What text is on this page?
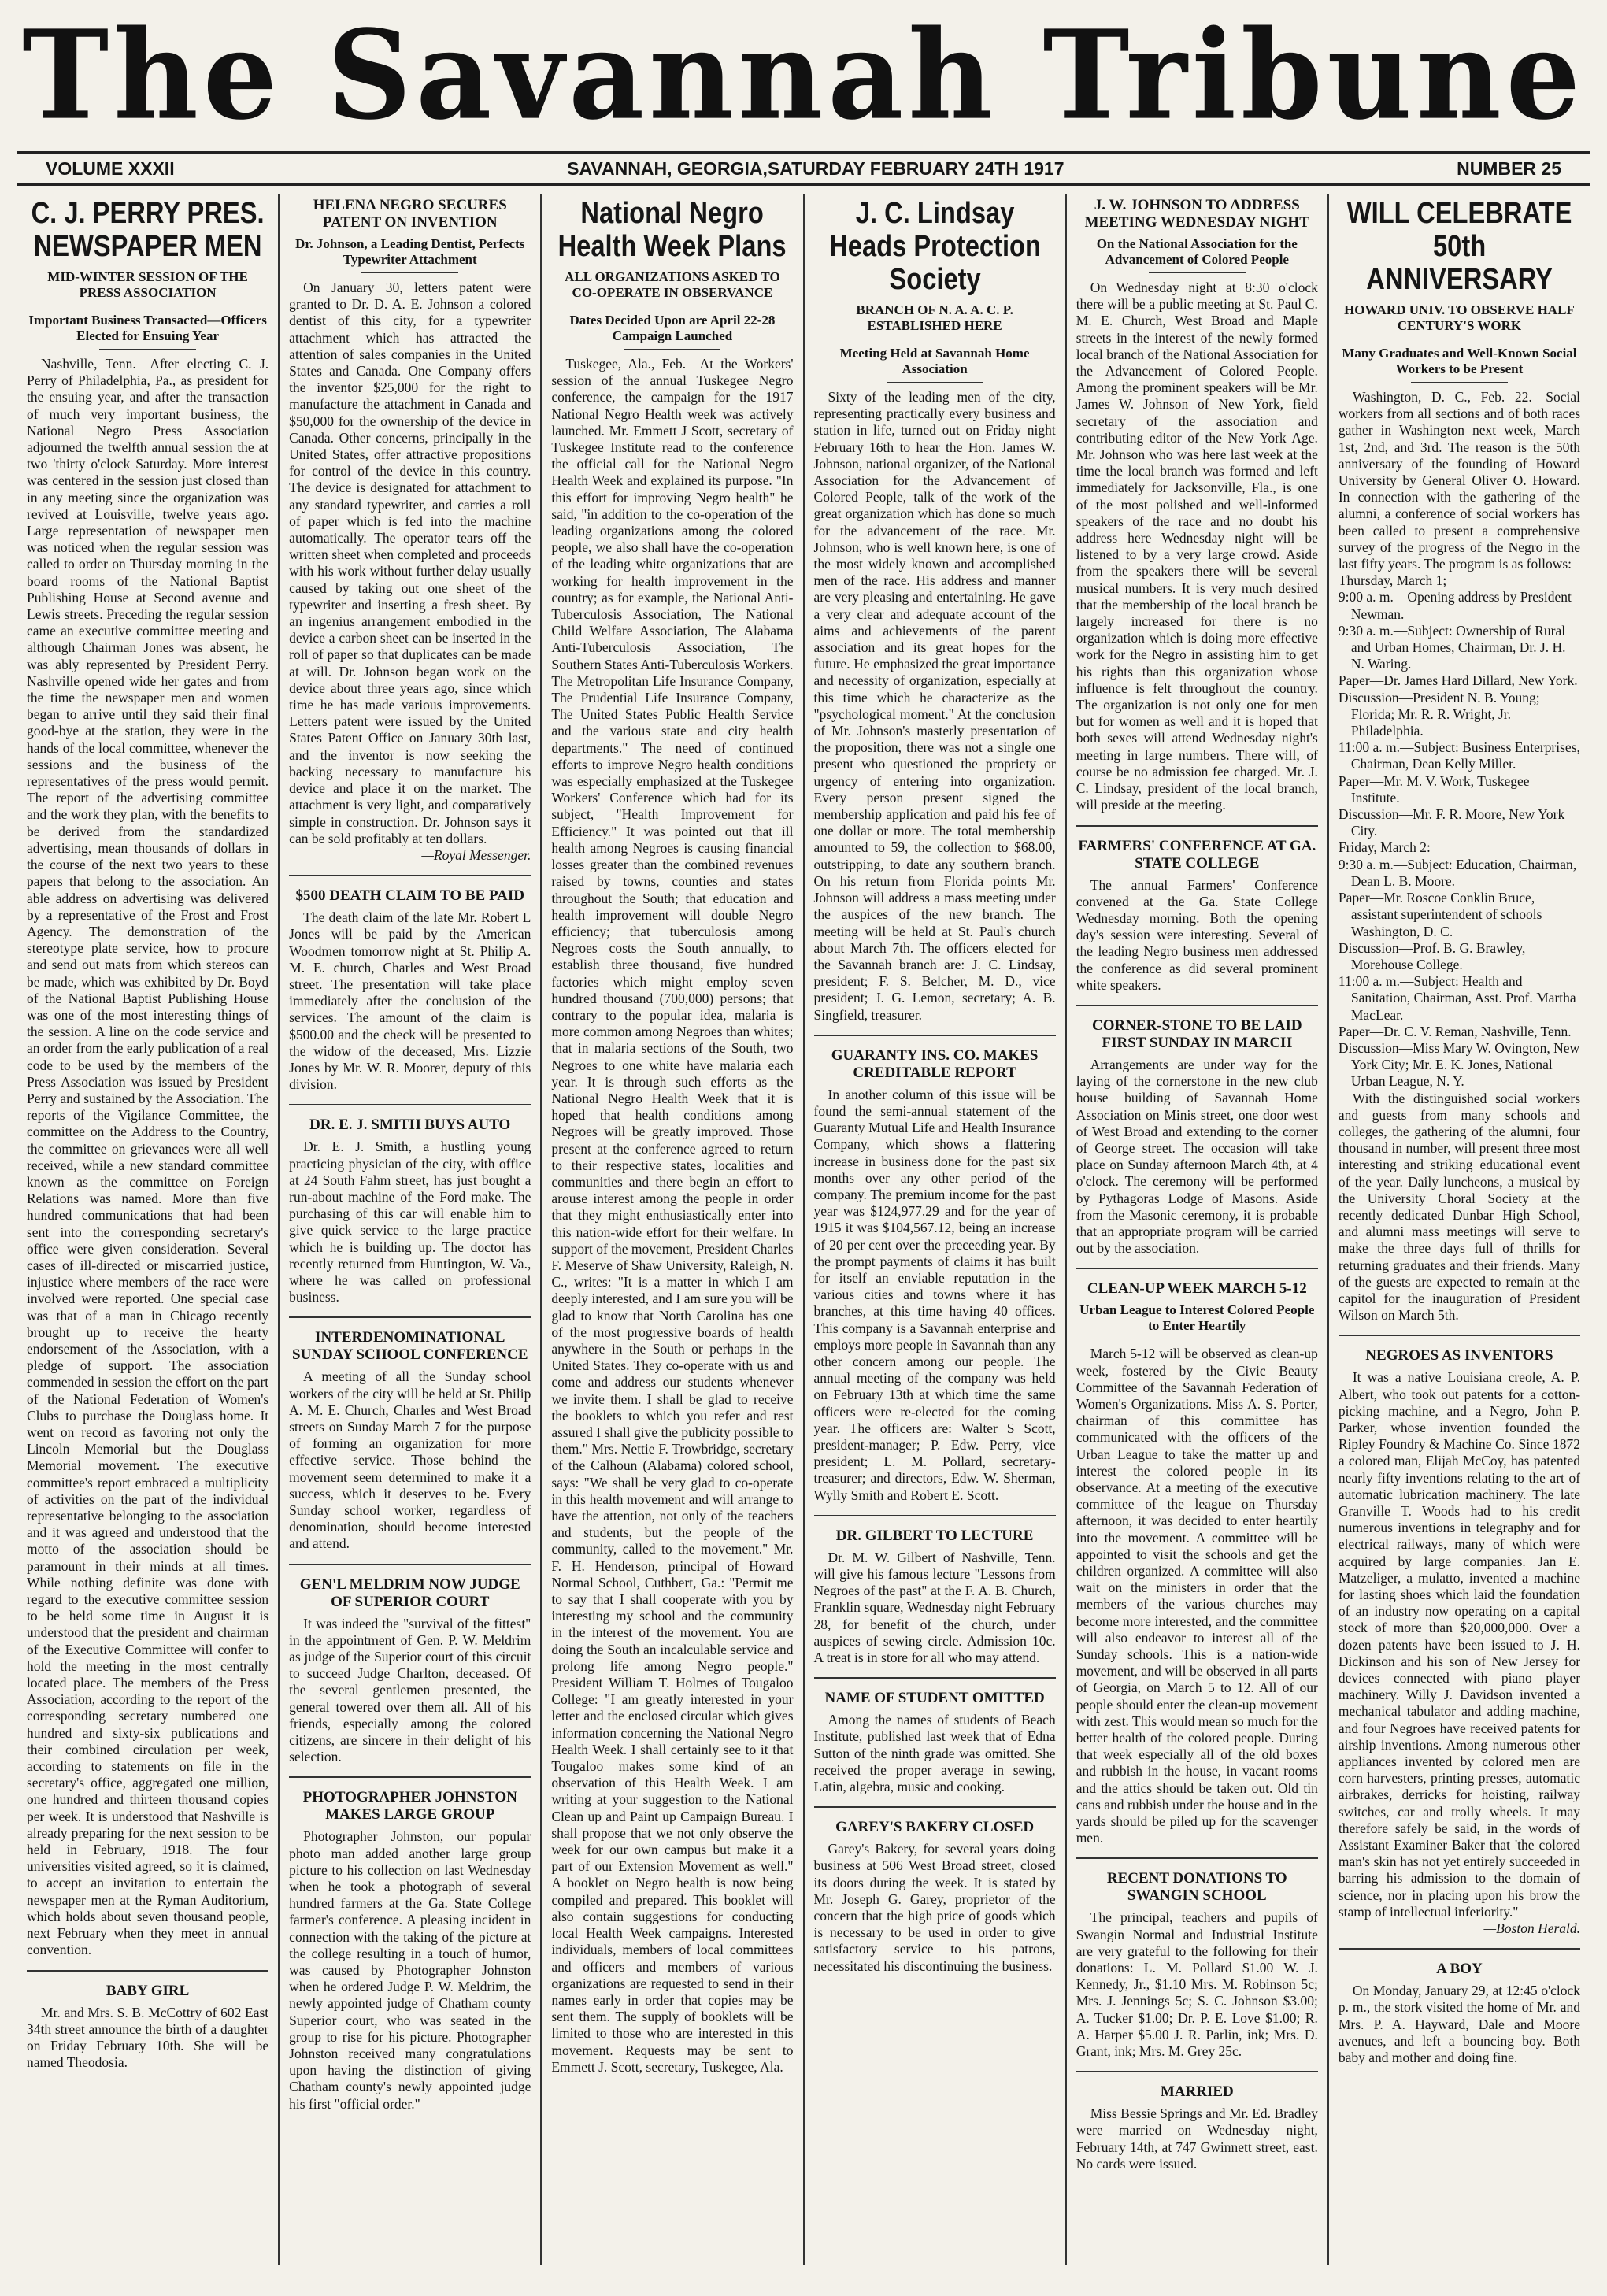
The Savannah Tribune
VOLUME XXXII	SAVANNAH, GEORGIA,SATURDAY FEBRUARY 24TH 1917	NUMBER 25
C. J. PERRY PRES. NEWSPAPER MEN
MID-WINTER SESSION OF THE PRESS ASSOCIATION
Important Business Transacted—Officers Elected for Ensuing Year

Nashville, Tenn.—After electing C. J. Perry of Philadelphia, Pa., as president for the ensuing year, and after the transaction of much very important business, the National Negro Press Association adjourned the twelfth annual session the at two 'thirty o'clock Saturday. More interest was centered in the session just closed than in any meeting since the organization was revived at Louisville, twelve years ago. Large representation of newspaper men was noticed when the regular session was called to order on Thursday morning in the board rooms of the National Baptist Publishing House at Second avenue and Lewis streets. Preceding the regular session came an executive committee meeting and although Chairman Jones was absent, he was ably represented by President Perry. Nashville opened wide her gates and from the time the newspaper men and women began to arrive until they said their final good-bye at the station, they were in the hands of the local committee, whenever the sessions and the business of the representatives of the press would permit. The report of the advertising committee and the work they plan, with the benefits to be derived from the standardized advertising, mean thousands of dollars in the course of the next two years to these papers that belong to the association. An able address on advertising was delivered by a representative of the Frost and Frost Agency. The demonstration of the stereotype plate service, how to procure and send out mats from which stereos can be made, which was exhibited by Dr. Boyd of the National Baptist Publishing House was one of the most interesting things of the session. A line on the code service and an order from the early publication of a real code to be used by the members of the Press Association was issued by President Perry and sustained by the Association. The reports of the Vigilance Committee, the committee on the Address to the Country, the committee on grievances were all well received, while a new standard committee known as the committee on Foreign Relations was named. More than five hundred communications that had been sent into the corresponding secretary's office were given consideration. Several cases of ill-directed or miscarried justice, injustice where members of the race were involved were reported. One special case was that of a man in Chicago recently brought up to receive the hearty endorsement of the Association, with a pledge of support. The association commended in session the effort on the part of the National Federation of Women's Clubs to purchase the Douglass home. It went on record as favoring not only the Lincoln Memorial but the Douglass Memorial movement. The executive committee's report embraced a multiplicity of activities on the part of the individual representative belonging to the association and it was agreed and understood that the motto of the association should be paramount in their minds at all times. While nothing definite was done with regard to the executive committee session to be held some time in August it is understood that the president and chairman of the Executive Committee will confer to hold the meeting in the most centrally located place. The members of the Press Association, according to the report of the corresponding secretary numbered one hundred and sixty-six publications and their combined circulation per week, according to statements on file in the secretary's office, aggregated one million, one hundred and thirteen thousand copies per week. It is understood that Nashville is already preparing for the next session to be held in February, 1918. The four universities visited agreed, so it is claimed, to accept an invitation to entertain the newspaper men at the Ryman Auditorium, which holds about seven thousand people, next February when they meet in annual convention.

BABY GIRL

Mr. and Mrs. S. B. McCottry of 602 East 34th street announce the birth of a daughter on Friday February 10th. She will be named Theodosia.

HELENA NEGRO SECURES PATENT ON INVENTION
Dr. Johnson, a Leading Dentist, Perfects Typewriter Attachment

On January 30, letters patent were granted to Dr. D. A. E. Johnson a colored dentist of this city, for a typewriter attachment which has attracted the attention of sales companies in the United States and Canada. One Company offers the inventor $25,000 for the right to manufacture the attachment in Canada and $50,000 for the ownership of the device in Canada. Other concerns, principally in the United States, offer attractive propositions for control of the device in this country. The device is designated for attachment to any standard typewriter, and carries a roll of paper which is fed into the machine automatically. The operator tears off the written sheet when completed and proceeds with his work without further delay usually caused by taking out one sheet of the typewriter and inserting a fresh sheet. By an ingenius arrangement embodied in the device a carbon sheet can be inserted in the roll of paper so that duplicates can be made at will. Dr. Johnson began work on the device about three years ago, since which time he has made various improvements. Letters patent were issued by the United States Patent Office on January 30th last, and the inventor is now seeking the backing necessary to manufacture his device and place it on the market. The attachment is very light, and comparatively simple in construction. Dr. Johnson says it can be sold profitably at ten dollars.

—Royal Messenger.

$500 DEATH CLAIM TO BE PAID

The death claim of the late Mr. Robert L Jones will be paid by the American Woodmen tomorrow night at St. Philip A. M. E. church, Charles and West Broad street. The presentation will take place immediately after the conclusion of the services. The amount of the claim is $500.00 and the check will be presented to the widow of the deceased, Mrs. Lizzie Jones by Mr. W. R. Moorer, deputy of this division.

DR. E. J. SMITH BUYS AUTO

Dr. E. J. Smith, a hustling young practicing physician of the city, with office at 24 South Fahm street, has just bought a run-about machine of the Ford make. The purchasing of this car will enable him to give quick service to the large practice which he is building up. The doctor has recently returned from Huntington, W. Va., where he was called on professional business.

INTERDENOMINATIONAL SUNDAY SCHOOL CONFERENCE

A meeting of all the Sunday school workers of the city will be held at St. Philip A. M. E. Church, Charles and West Broad streets on Sunday March 7 for the purpose of forming an organization for more effective service. Those behind the movement seem determined to make it a success, which it deserves to be. Every Sunday school worker, regardless of denomination, should become interested and attend.

GEN'L MELDRIM NOW JUDGE OF SUPERIOR COURT

It was indeed the "survival of the fittest" in the appointment of Gen. P. W. Meldrim as judge of the Superior court of this circuit to succeed Judge Charlton, deceased. Of the several gentlemen presented, the general towered over them all. All of his friends, especially among the colored citizens, are sincere in their delight of his selection.

PHOTOGRAPHER JOHNSTON MAKES LARGE GROUP

Photographer Johnston, our popular photo man added another large group picture to his collection on last Wednesday when he took a photograph of several hundred farmers at the Ga. State College farmer's conference. A pleasing incident in connection with the taking of the picture at the college resulting in a touch of humor, was caused by Photographer Johnston when he ordered Judge P. W. Meldrim, the newly appointed judge of Chatham county Superior court, who was seated in the group to rise for his picture. Photographer Johnston received many congratulations upon having the distinction of giving Chatham county's newly appointed judge his first "official order."

National Negro Health Week Plans
ALL ORGANIZATIONS ASKED TO CO-OPERATE IN OBSERVANCE
Dates Decided Upon are April 22-28 Campaign Launched

Tuskegee, Ala., Feb.—At the Workers' session of the annual Tuskegee Negro conference, the campaign for the 1917 National Negro Health week was actively launched. Mr. Emmett J Scott, secretary of Tuskegee Institute read to the conference the official call for the National Negro Health Week and explained its purpose. "In this effort for improving Negro health" he said, "in addition to the co-operation of the leading organizations among the colored people, we also shall have the co-operation of the leading white organizations that are working for health improvement in the country; as for example, the National Anti-Tuberculosis Association, The National Child Welfare Association, The Alabama Anti-Tuberculosis Association, The Southern States Anti-Tuberculosis Workers. The Metropolitan Life Insurance Company, The Prudential Life Insurance Company, The United States Public Health Service and the various state and city health departments." The need of continued efforts to improve Negro health conditions was especially emphasized at the Tuskegee Workers' Conference which had for its subject, "Health Improvement for Efficiency." It was pointed out that ill health among Negroes is causing financial losses greater than the combined revenues raised by towns, counties and states throughout the South; that education and health improvement will double Negro efficiency; that tuberculosis among Negroes costs the South annually, to establish three thousand, five hundred factories which might employ seven hundred thousand (700,000) persons; that contrary to the popular idea, malaria is more common among Negroes than whites; that in malaria sections of the South, two Negroes to one white have malaria each year. It is through such efforts as the National Negro Health Week that it is hoped that health conditions among Negroes will be greatly improved. Those present at the conference agreed to return to their respective states, localities and communities and there begin an effort to arouse interest among the people in order that they might enthusiastically enter into this nation-wide effort for their welfare. In support of the movement, President Charles F. Meserve of Shaw University, Raleigh, N. C., writes: "It is a matter in which I am deeply interested, and I am sure you will be glad to know that North Carolina has one of the most progressive boards of health anywhere in the South or perhaps in the United States. They co-operate with us and come and address our students whenever we invite them. I shall be glad to receive the booklets to which you refer and rest assured I shall give the publicity possible to them." Mrs. Nettie F. Trowbridge, secretary of the Calhoun (Alabama) colored school, says: "We shall be very glad to co-operate in this health movement and will arrange to have the attention, not only of the teachers and students, but the people of the community, called to the movement." Mr. F. H. Henderson, principal of Howard Normal School, Cuthbert, Ga.: "Permit me to say that I shall cooperate with you by interesting my school and the community in the interest of the movement. You are doing the South an incalculable service and prolong life among Negro people." President William T. Holmes of Tougaloo College: "I am greatly interested in your letter and the enclosed circular which gives information concerning the National Negro Health Week. I shall certainly see to it that Tougaloo makes some kind of an observation of this Health Week. I am writing at your suggestion to the National Clean up and Paint up Campaign Bureau. I shall propose that we not only observe the week for our own campus but make it a part of our Extension Movement as well." A booklet on Negro health is now being compiled and prepared. This booklet will also contain suggestions for conducting local Health Week campaigns. Interested individuals, members of local committees and officers and members of various organizations are requested to send in their names early in order that copies may be sent them. The supply of booklets will be limited to those who are interested in this movement. Requests may be sent to Emmett J. Scott, secretary, Tuskegee, Ala.

J. C. Lindsay Heads Protection Society
BRANCH OF N. A. A. C. P. ESTABLISHED HERE
Meeting Held at Savannah Home Association

Sixty of the leading men of the city, representing practically every business and station in life, turned out on Friday night February 16th to hear the Hon. James W. Johnson, national organizer, of the National Association for the Advancement of Colored People, talk of the work of the great organization which has done so much for the advancement of the race. Mr. Johnson, who is well known here, is one of the most widely known and accomplished men of the race. His address and manner are very pleasing and entertaining. He gave a very clear and adequate account of the aims and achievements of the parent association and its great hopes for the future. He emphasized the great importance and necessity of organization, especially at this time which he characterize as the "psychological moment." At the conclusion of Mr. Johnson's masterly presentation of the proposition, there was not a single one present who questioned the propriety or urgency of entering into organization. Every person present signed the membership application and paid his fee of one dollar or more. The total membership amounted to 59, the collection to $68.00, outstripping, to date any southern branch. On his return from Florida points Mr. Johnson will address a mass meeting under the auspices of the new branch. The meeting will be held at St. Paul's church about March 7th. The officers elected for the Savannah branch are: J. C. Lindsay, president; F. S. Belcher, M. D., vice president; J. G. Lemon, secretary; A. B. Singfield, treasurer.

GUARANTY INS. CO. MAKES CREDITABLE REPORT

In another column of this issue will be found the semi-annual statement of the Guaranty Mutual Life and Health Insurance Company, which shows a flattering increase in business done for the past six months over any other period of the company. The premium income for the past year was $124,977.29 and for the year of 1915 it was $104,567.12, being an increase of 20 per cent over the preceeding year. By the prompt payments of claims it has built for itself an enviable reputation in the various cities and towns where it has branches, at this time having 40 offices. This company is a Savannah enterprise and employs more people in Savannah than any other concern among our people. The annual meeting of the company was held on February 13th at which time the same officers were re-elected for the coming year. The officers are: Walter S Scott, president-manager; P. Edw. Perry, vice president; L. M. Pollard, secretary-treasurer; and directors, Edw. W. Sherman, Wylly Smith and Robert E. Scott.

DR. GILBERT TO LECTURE

Dr. M. W. Gilbert of Nashville, Tenn. will give his famous lecture "Lessons from Negroes of the past" at the F. A. B. Church, Franklin square, Wednesday night February 28, for benefit of the church, under auspices of sewing circle. Admission 10c. A treat is in store for all who may attend.

NAME OF STUDENT OMITTED

Among the names of students of Beach Institute, published last week that of Edna Sutton of the ninth grade was omitted. She received the proper average in sewing, Latin, algebra, music and cooking.

GAREY'S BAKERY CLOSED

Garey's Bakery, for several years doing business at 506 West Broad street, closed its doors during the week. It is stated by Mr. Joseph G. Garey, proprietor of the concern that the high price of goods which is necessary to be used in order to give satisfactory service to his patrons, necessitated his discontinuing the business.

J. W. JOHNSON TO ADDRESS MEETING WEDNESDAY NIGHT
On the National Association for the Advancement of Colored People

On Wednesday night at 8:30 o'clock there will be a public meeting at St. Paul C. M. E. Church, West Broad and Maple streets in the interest of the newly formed local branch of the National Association for the Advancement of Colored People. Among the prominent speakers will be Mr. James W. Johnson of New York, field secretary of the association and contributing editor of the New York Age. Mr. Johnson who was here last week at the time the local branch was formed and left immediately for Jacksonville, Fla., is one of the most polished and well-informed speakers of the race and no doubt his address here Wednesday night will be listened to by a very large crowd. Aside from the speakers there will be several musical numbers. It is very much desired that the membership of the local branch be largely increased for there is no organization which is doing more effective work for the Negro in assisting him to get his rights than this organization whose influence is felt throughout the country. The organization is not only one for men but for women as well and it is hoped that both sexes will attend Wednesday night's meeting in large numbers. There will, of course be no admission fee charged. Mr. J. C. Lindsay, president of the local branch, will preside at the meeting.

FARMERS' CONFERENCE AT GA. STATE COLLEGE

The annual Farmers' Conference convened at the Ga. State College Wednesday morning. Both the opening day's session were interesting. Several of the leading Negro business men addressed the conference as did several prominent white speakers.

CORNER-STONE TO BE LAID FIRST SUNDAY IN MARCH

Arrangements are under way for the laying of the cornerstone in the new club house building of Savannah Home Association on Minis street, one door west of West Broad and extending to the corner of George street. The occasion will take place on Sunday afternoon March 4th, at 4 o'clock. The ceremony will be performed by Pythagoras Lodge of Masons. Aside from the Masonic ceremony, it is probable that an appropriate program will be carried out by the association.

CLEAN-UP WEEK MARCH 5-12
Urban League to Interest Colored People to Enter Heartily

March 5-12 will be observed as clean-up week, fostered by the Civic Beauty Committee of the Savannah Federation of Women's Organizations. Miss A. S. Porter, chairman of this committee has communicated with the officers of the Urban League to take the matter up and interest the colored people in its observance. At a meeting of the executive committee of the league on Thursday afternoon, it was decided to enter heartily into the movement. A committee will be appointed to visit the schools and get the children organized. A committee will also wait on the ministers in order that the members of the various churches may become more interested, and the committee will also endeavor to interest all of the Sunday schools. This is a nation-wide movement, and will be observed in all parts of Georgia, on March 5 to 12. All of our people should enter the clean-up movement with zest. This would mean so much for the better health of the colored people. During that week especially all of the old boxes and rubbish in the house, in vacant rooms and the attics should be taken out. Old tin cans and rubbish under the house and in the yards should be piled up for the scavenger men.

RECENT DONATIONS TO SWANGIN SCHOOL

The principal, teachers and pupils of Swangin Normal and Industrial Institute are very grateful to the following for their donations: L. M. Pollard $1.00 W. J. Kennedy, Jr., $1.10 Mrs. M. Robinson 5c; Mrs. J. Jennings 5c; S. C. Johnson $3.00; A. Tucker $1.00; Dr. P. E. Love $1.00; R. A. Harper $5.00 J. R. Parlin, ink; Mrs. D. Grant, ink; Mrs. M. Grey 25c.

MARRIED

Miss Bessie Springs and Mr. Ed. Bradley were married on Wednesday night, February 14th, at 747 Gwinnett street, east. No cards were issued.

WILL CELEBRATE 50th ANNIVERSARY
HOWARD UNIV. TO OBSERVE HALF CENTURY'S WORK
Many Graduates and Well-Known Social Workers to be Present

Washington, D. C., Feb. 22.—Social workers from all sections and of both races gather in Washington next week, March 1st, 2nd, and 3rd. The reason is the 50th anniversary of the founding of Howard University by General Oliver O. Howard. In connection with the gathering of the alumni, a conference of social workers has been called to present a comprehensive survey of the progress of the Negro in the last fifty years. The program is as follows:

Thursday, March 1;

9:00 a. m.—Opening address by President Newman.

9:30 a. m.—Subject: Ownership of Rural and Urban Homes, Chairman, Dr. J. H. N. Waring.

Paper—Dr. James Hard Dillard, New York.

Discussion—President N. B. Young; Florida; Mr. R. R. Wright, Jr. Philadelphia.

11:00 a. m.—Subject: Business Enterprises, Chairman, Dean Kelly Miller.

Paper—Mr. M. V. Work, Tuskegee Institute.

Discussion—Mr. F. R. Moore, New York City.

Friday, March 2:

9:30 a. m.—Subject: Education, Chairman, Dean L. B. Moore.

Paper—Mr. Roscoe Conklin Bruce, assistant superintendent of schools Washington, D. C.

Discussion—Prof. B. G. Brawley, Morehouse College.

11:00 a. m.—Subject: Health and Sanitation, Chairman, Asst. Prof. Martha MacLear.

Paper—Dr. C. V. Reman, Nashville, Tenn.

Discussion—Miss Mary W. Ovington, New York City; Mr. E. K. Jones, National Urban League, N. Y.

With the distinguished social workers and guests from many schools and colleges, the gathering of the alumni, four thousand in number, will present three most interesting and striking educational event of the year. Daily luncheons, a musical by the University Choral Society at the recently dedicated Dunbar High School, and alumni mass meetings will serve to make the three days full of thrills for returning graduates and their friends. Many of the guests are expected to remain at the capitol for the inauguration of President Wilson on March 5th.

NEGROES AS INVENTORS

It was a native Louisiana creole, A. P. Albert, who took out patents for a cotton-picking machine, and a Negro, John P. Parker, whose invention founded the Ripley Foundry & Machine Co. Since 1872 a colored man, Elijah McCoy, has patented nearly fifty inventions relating to the art of automatic lubrication machinery. The late Granville T. Woods had to his credit numerous inventions in telegraphy and for electrical railways, many of which were acquired by large companies. Jan E. Matzeliger, a mulatto, invented a machine for lasting shoes which laid the foundation of an industry now operating on a capital stock of more than $20,000,000. Over a dozen patents have been issued to J. H. Dickinson and his son of New Jersey for devices connected with piano player machinery. Willy J. Davidson invented a mechanical tabulator and adding machine, and four Negroes have received patents for airship inventions. Among numerous other appliances invented by colored men are corn harvesters, printing presses, automatic airbrakes, derricks for hoisting, railway switches, car and trolly wheels. It may therefore safely be said, in the words of Assistant Examiner Baker that 'the colored man's skin has not yet entirely succeeded in barring his admission to the domain of science, nor in placing upon his brow the stamp of intellectual inferiority."

—Boston Herald.

A BOY

On Monday, January 29, at 12:45 o'clock p. m., the stork visited the home of Mr. and Mrs. P. A. Hayward, Dale and Moore avenues, and left a bouncing boy. Both baby and mother and doing fine.
